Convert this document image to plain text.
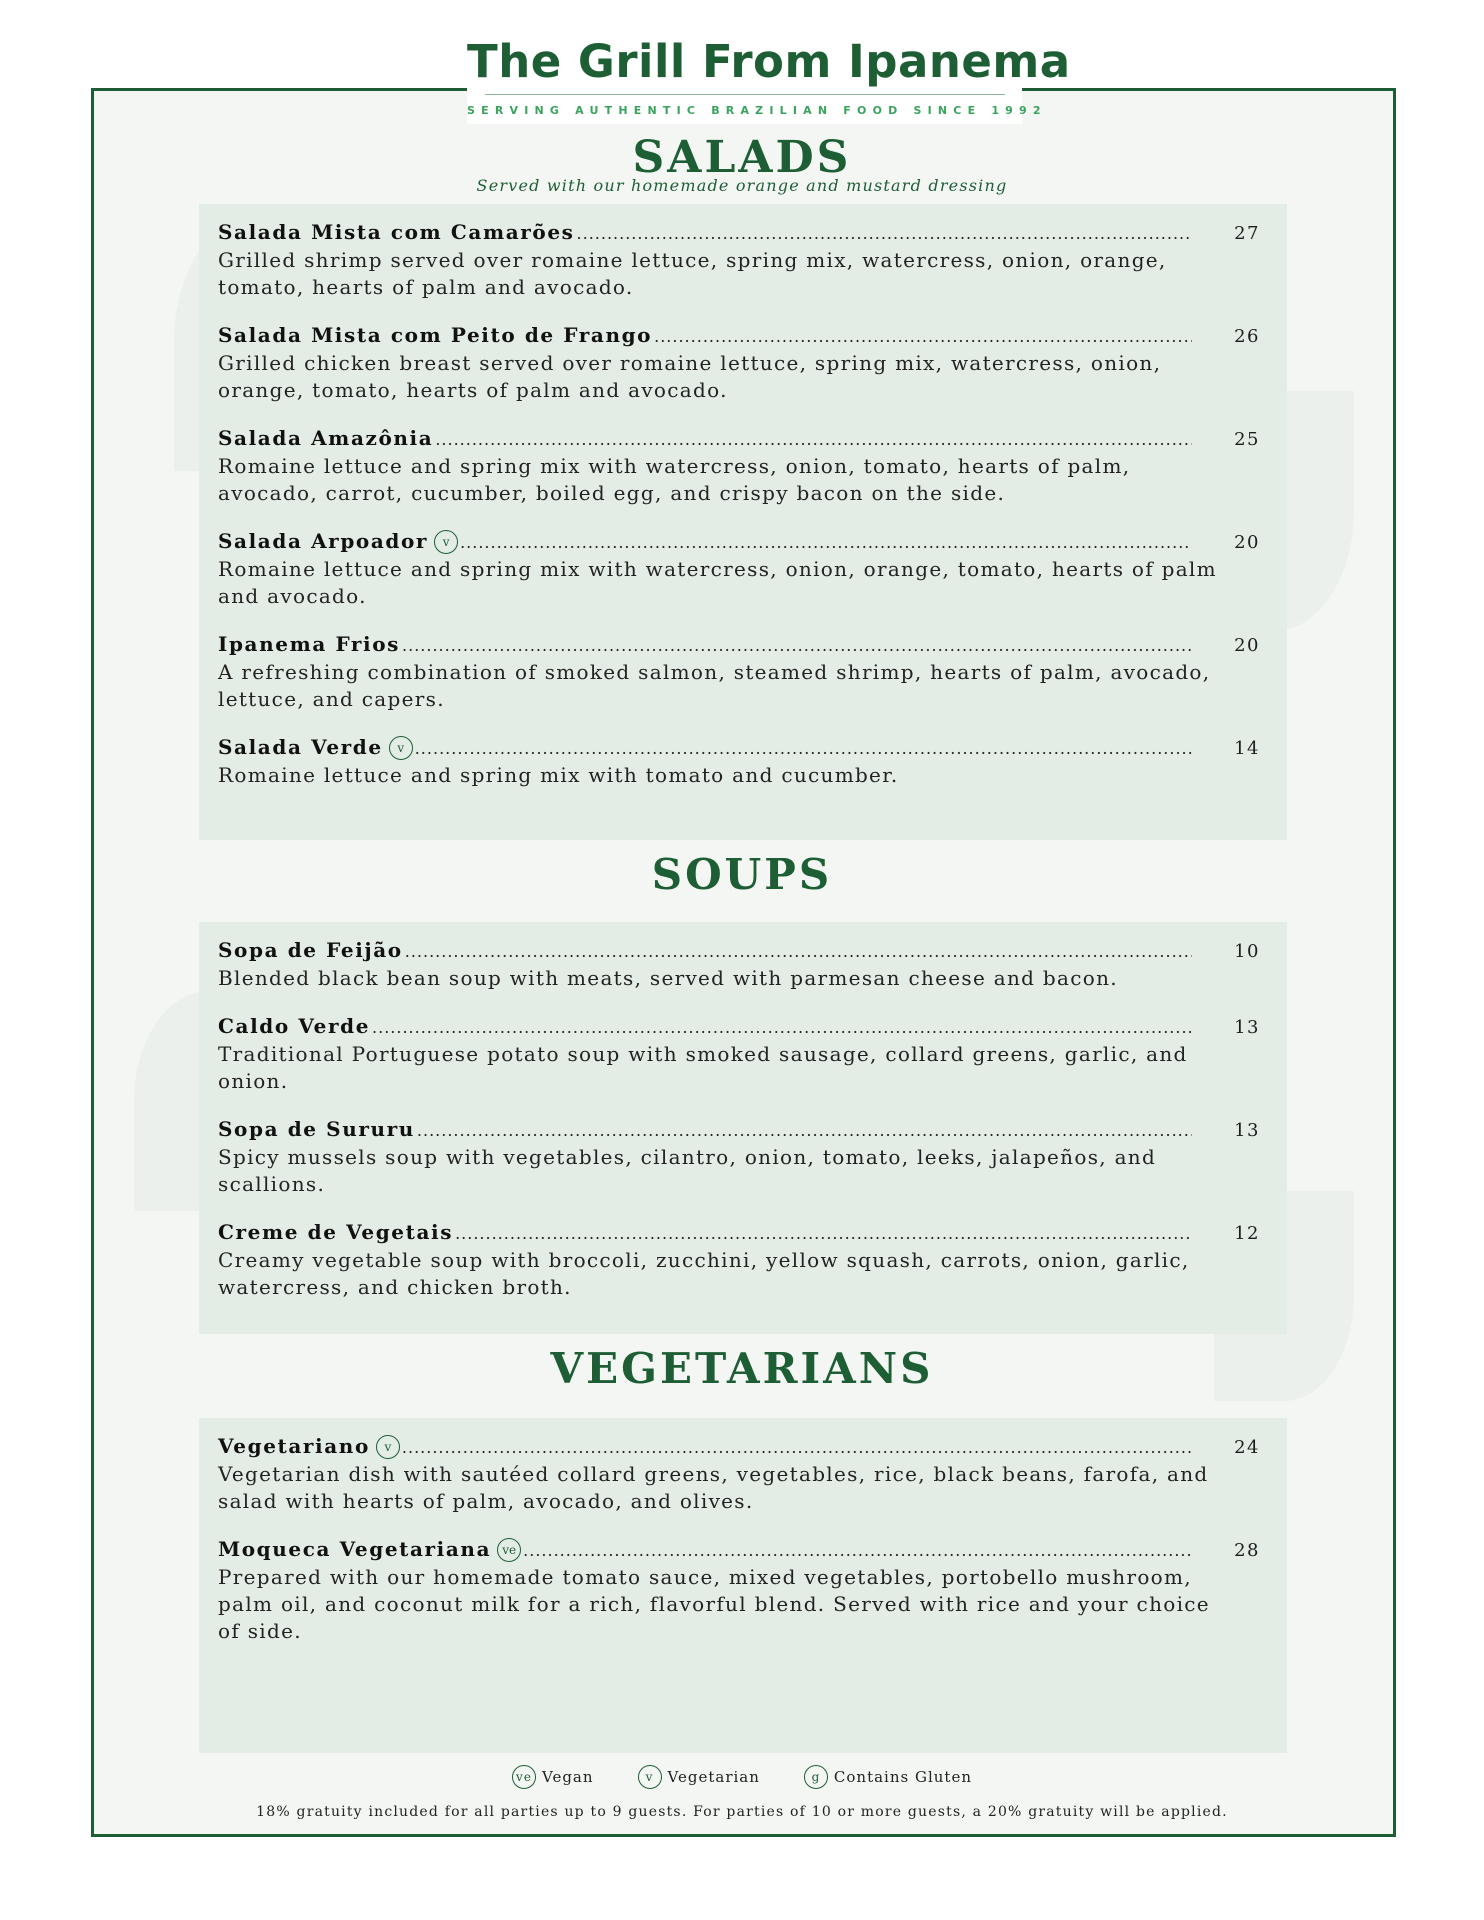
The Grill From Ipanema
SERVING AUTHENTIC BRAZILIAN FOOD SINCE 1992
SALADS
Served with our homemade orange and mustard dressing
Salada Mista com Camarões .....	27
Grilled shrimp served over romaine lettuce, spring mix, watercress, onion, orange, tomato, hearts of palm and avocado.
Salada Mista com Peito de Frango .....	26
Grilled chicken breast served over romaine lettuce, spring mix, watercress, onion, orange, tomato, hearts of palm and avocado.
Salada Amazônia .....	25
Romaine lettuce and spring mix with watercress, onion, tomato, hearts of palm, avocado, carrot, cucumber, boiled egg, and crispy bacon on the side.
Salada Arpoador	v .....	20
Romaine lettuce and spring mix with watercress, onion, orange, tomato, hearts of palm and avocado.
Ipanema Frios .....	20
A refreshing combination of smoked salmon, steamed shrimp, hearts of palm, avocado, lettuce, and capers.
Salada Verde	v .....	14
Romaine lettuce and spring mix with tomato and cucumber.
SOUPS
Sopa de Feijão .....	10
Blended black bean soup with meats, served with parmesan cheese and bacon.
Caldo Verde .....	13
Traditional Portuguese potato soup with smoked sausage, collard greens, garlic, and onion.
Sopa de Sururu .....	13
Spicy mussels soup with vegetables, cilantro, onion, tomato, leeks, jalapeños, and scallions.
Creme de Vegetais .....	12
Creamy vegetable soup with broccoli, zucchini, yellow squash, carrots, onion, garlic, watercress, and chicken broth.
VEGETARIANS
Vegetariano	v .....	24
Vegetarian dish with sautéed collard greens, vegetables, rice, black beans, farofa, and salad with hearts of palm, avocado, and olives.
Moqueca Vegetariana ve .....	28
Prepared with our homemade tomato sauce, mixed vegetables, portobello mushroom, palm oil, and coconut milk for a rich, flavorful blend. Served with rice and your choice of side.
ve Vegan	v Vegetarian	g Contains Gluten
18% gratuity included for all parties up to 9 guests. For parties of 10 or more guests, a 20% gratuity will be applied.
